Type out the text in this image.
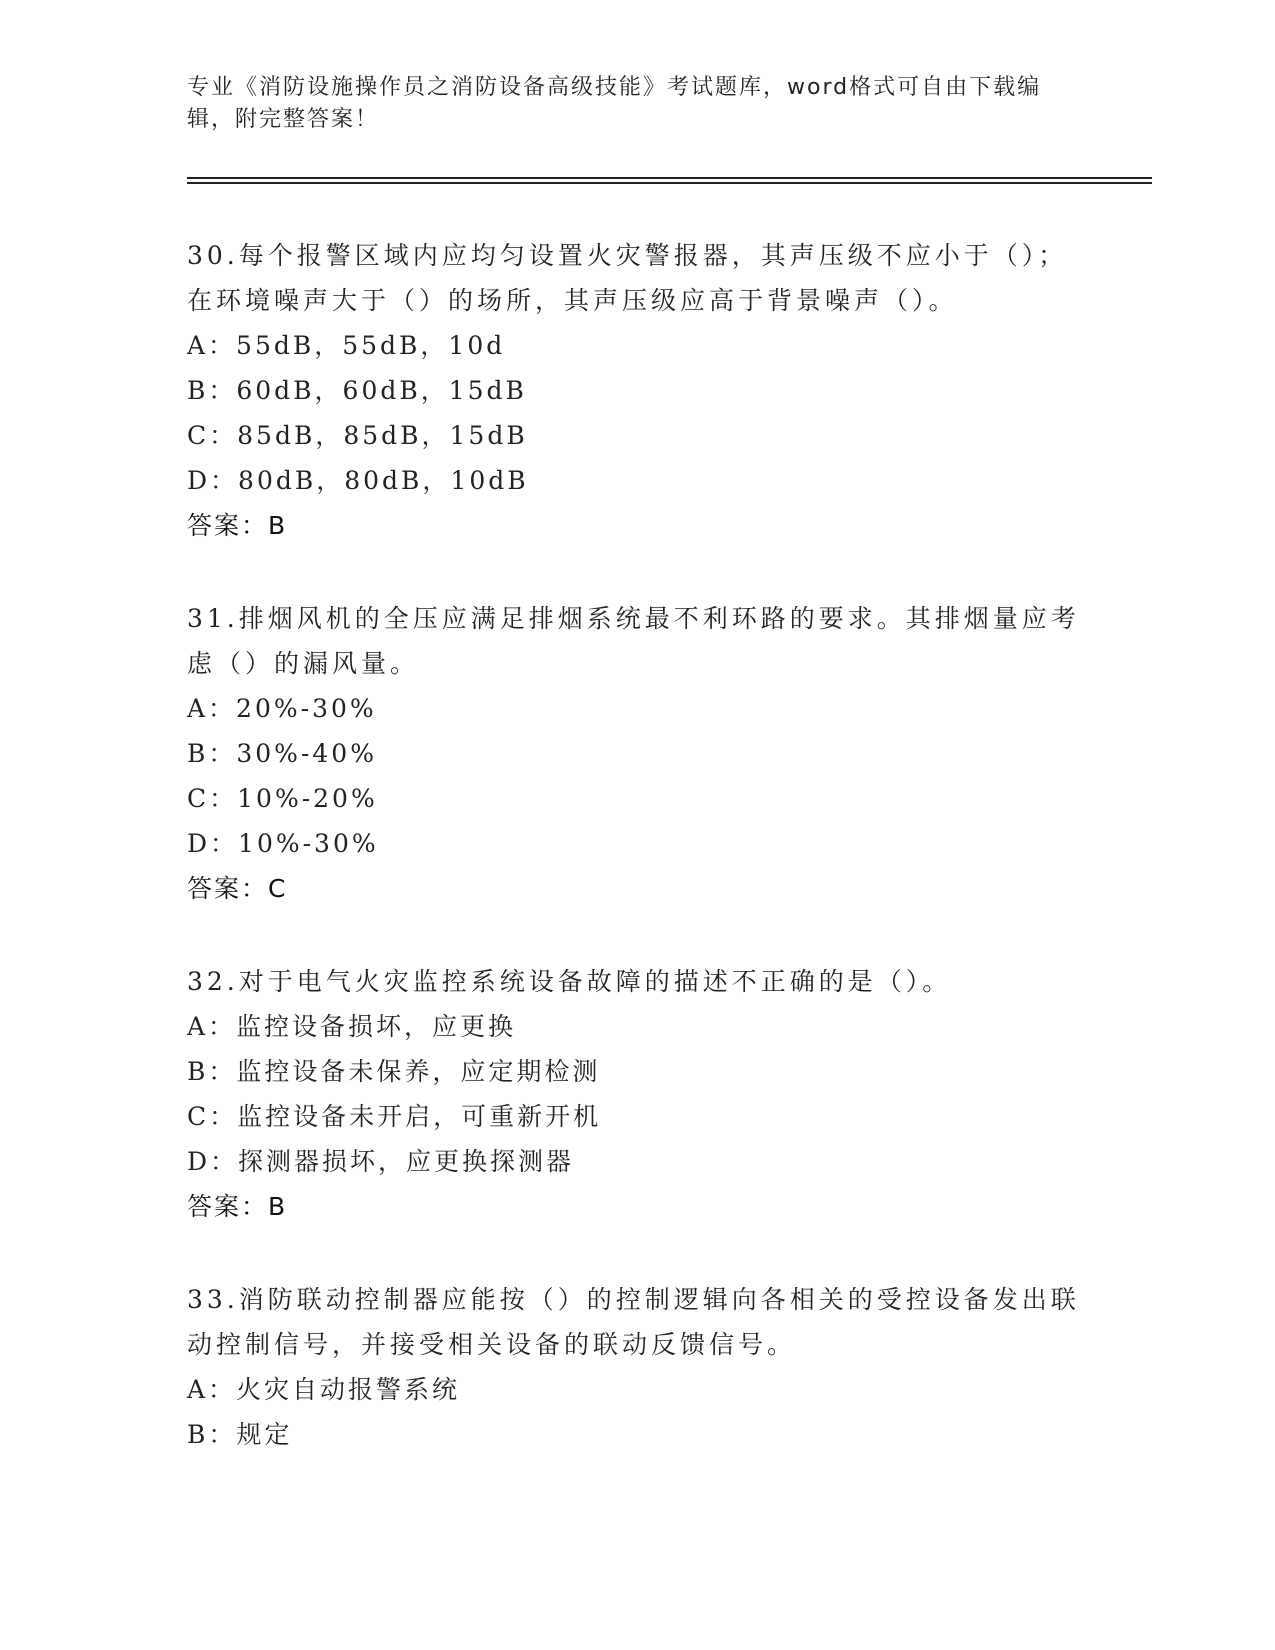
专业《消防设施操作员之消防设备高级技能》考试题库，word格式可自由下载编辑，附完整答案！
30.每个报警区域内应均匀设置火灾警报器，其声压级不应小于（）；在环境噪声大于（）的场所，其声压级应高于背景噪声（）。
A：55dB，55dB，10d
B：60dB，60dB，15dB
C：85dB，85dB，15dB
D：80dB，80dB，10dB
答案：B
31.排烟风机的全压应满足排烟系统最不利环路的要求。其排烟量应考虑（）的漏风量。
A：20%-30%
B：30%-40%
C：10%-20%
D：10%-30%
答案：C
32.对于电气火灾监控系统设备故障的描述不正确的是（）。
A：监控设备损坏，应更换
B：监控设备未保养，应定期检测
C：监控设备未开启，可重新开机
D：探测器损坏，应更换探测器
答案：B
33.消防联动控制器应能按（）的控制逻辑向各相关的受控设备发出联动控制信号，并接受相关设备的联动反馈信号。
A：火灾自动报警系统
B：规定
